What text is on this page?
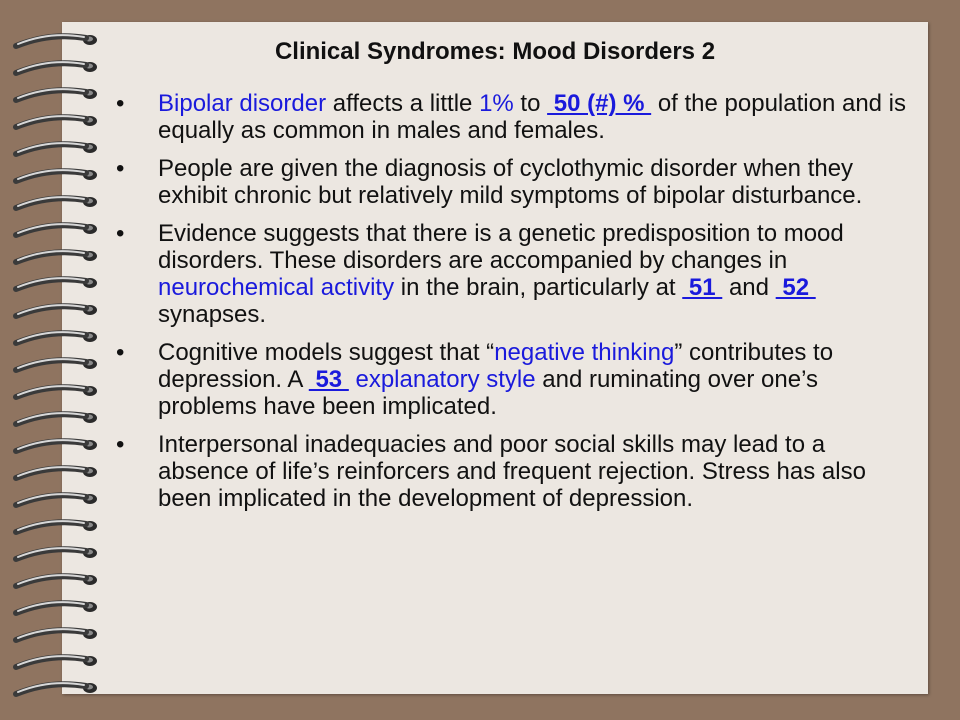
Clinical Syndromes: Mood Disorders 2
• Bipolar disorder affects a little 1% to  50 (#) %  of the population and is equally as common in males and females.
• People are given the diagnosis of cyclothymic disorder when they exhibit chronic but relatively mild symptoms of bipolar disturbance.
• Evidence suggests that there is a genetic predisposition to mood disorders. These disorders are accompanied by changes in neurochemical activity in the brain, particularly at  51  and  52  synapses.
• Cognitive models suggest that “negative thinking” contributes to depression. A  53  explanatory style and ruminating over one’s problems have been implicated.
• Interpersonal inadequacies and poor social skills may lead to a absence of life’s reinforcers and frequent rejection. Stress has also been implicated in the development of depression.
